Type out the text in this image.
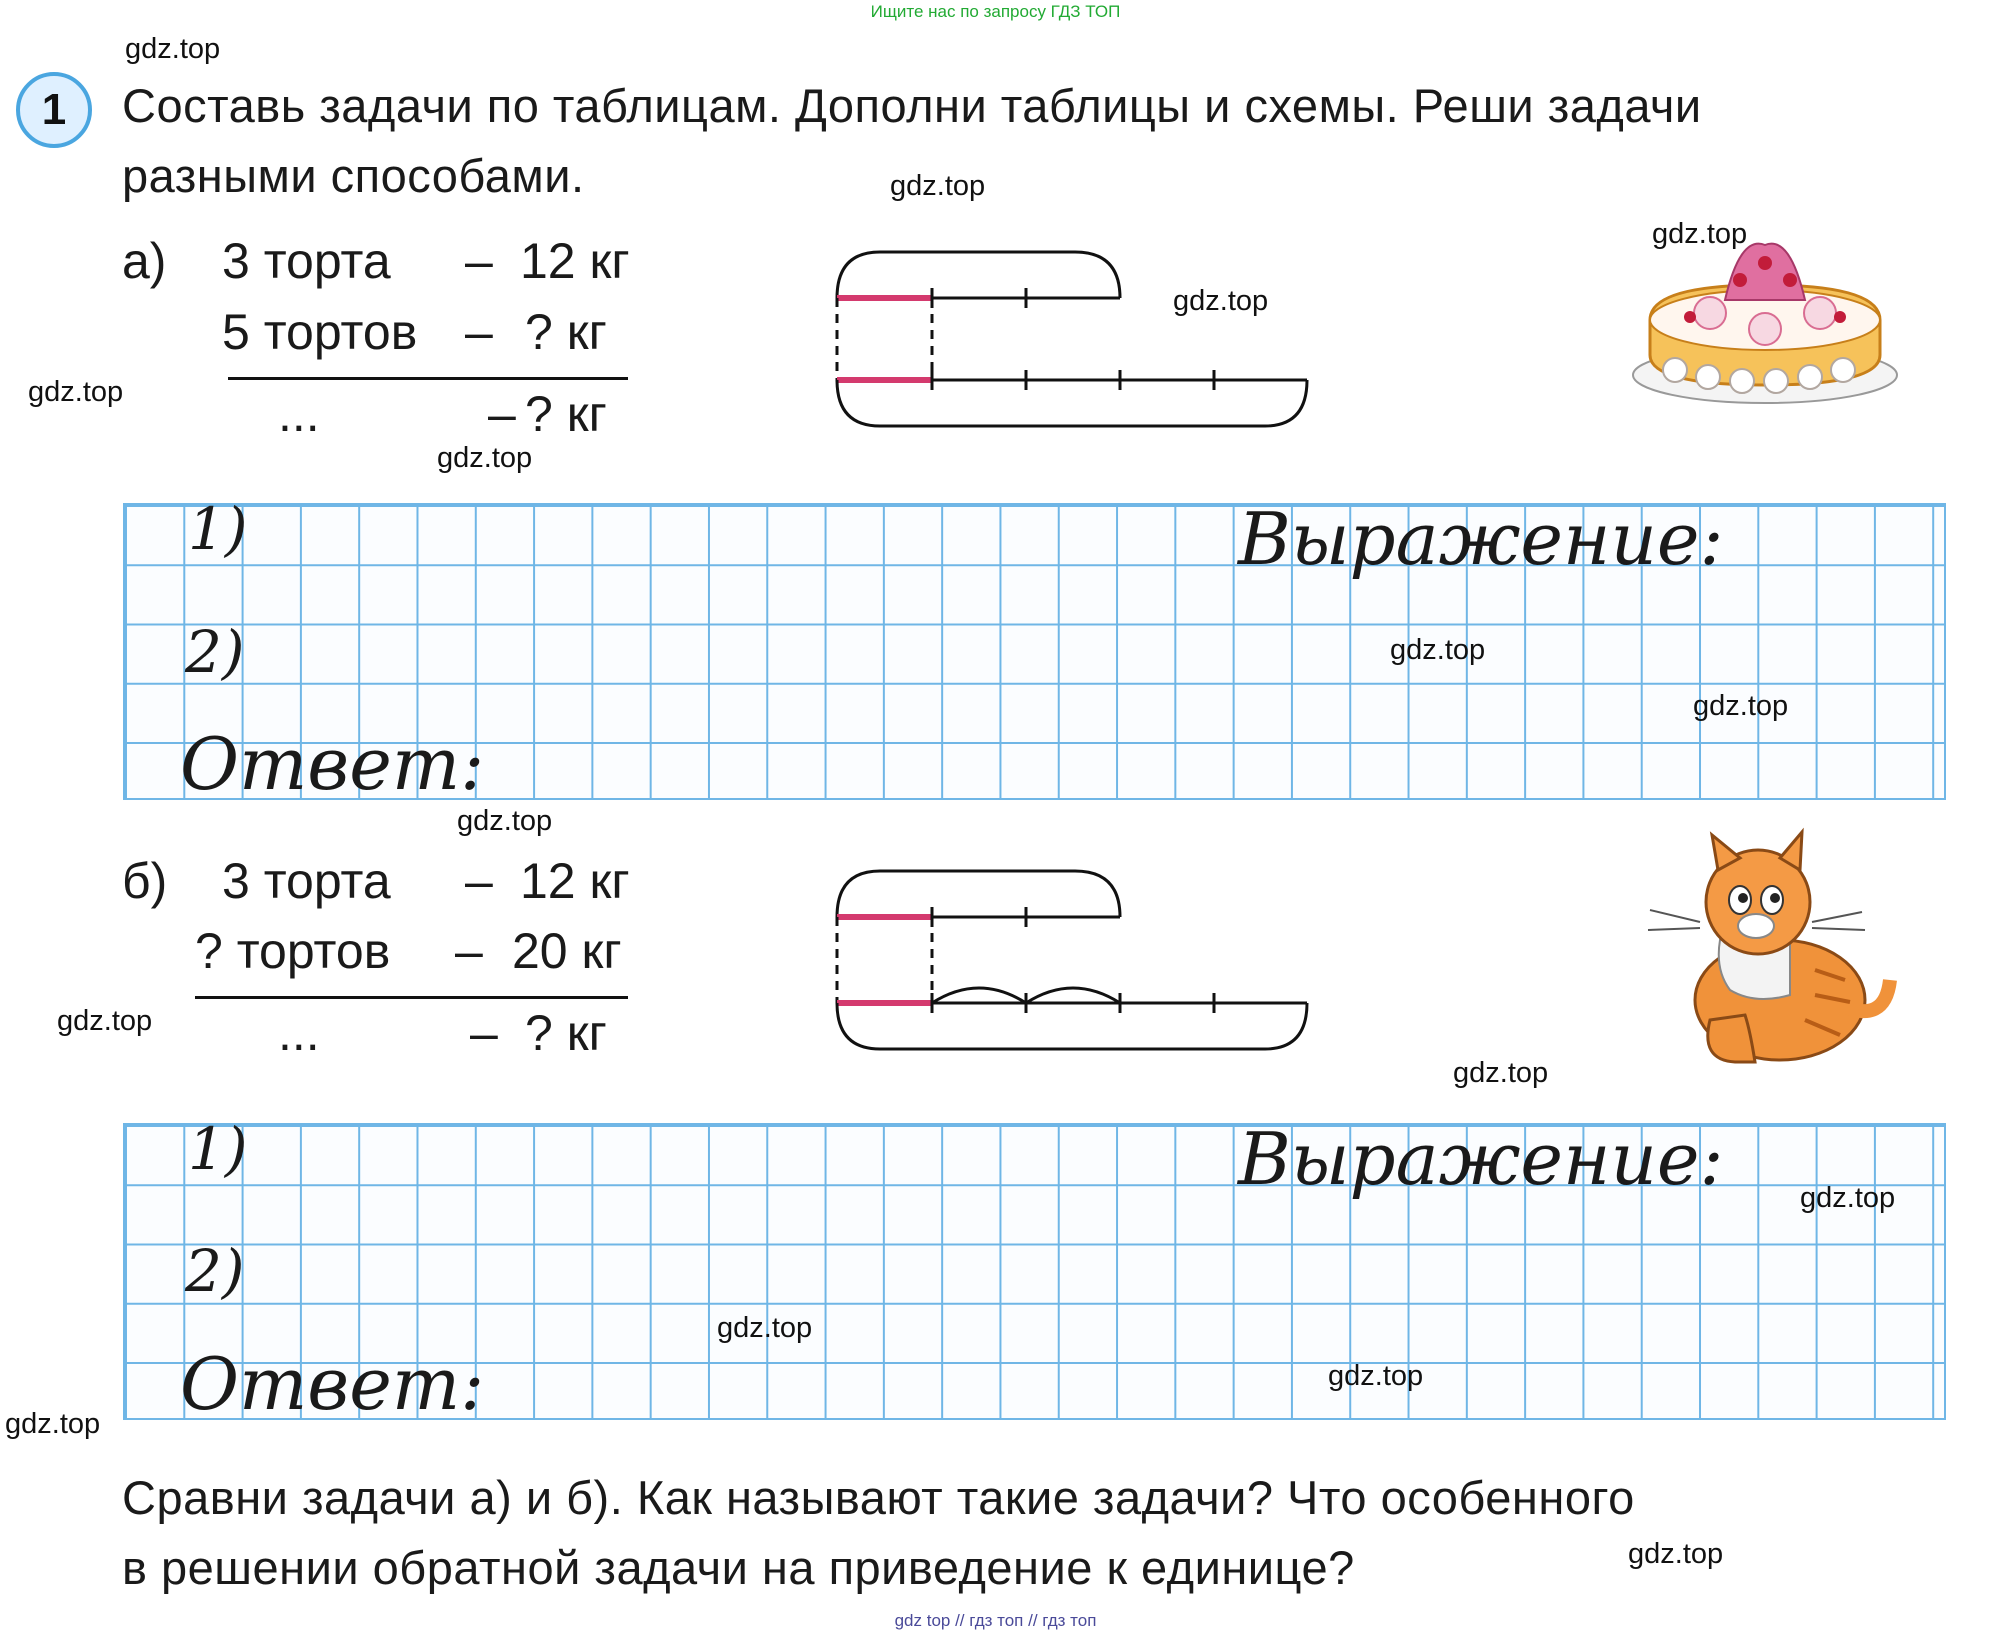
Ищите нас по запросу ГДЗ ТОП
gdz top // гдз топ // гдз топ
1	Составь задачи по таблицам. Дополни таблицы и схемы. Реши задачи
разными способами.
а) 3 торта – 12 кг
5 тортов – ? кг
...	– ? кг
1)
2)
Выражение:
Ответ:
б) 3 торта – 12 кг
? тортов – 20 кг
...	– ? кг
1)
2)
Выражение:
Ответ:
Сравни задачи а) и б). Как называют такие задачи? Что особенного
в решении обратной задачи на приведение к единице?
gdz.top
gdz.top
gdz.top
gdz.top
gdz.top
gdz.top
gdz.top
gdz.top
gdz.top
gdz.top
gdz.top
gdz.top
gdz.top
gdz.top
gdz.top
gdz.top
